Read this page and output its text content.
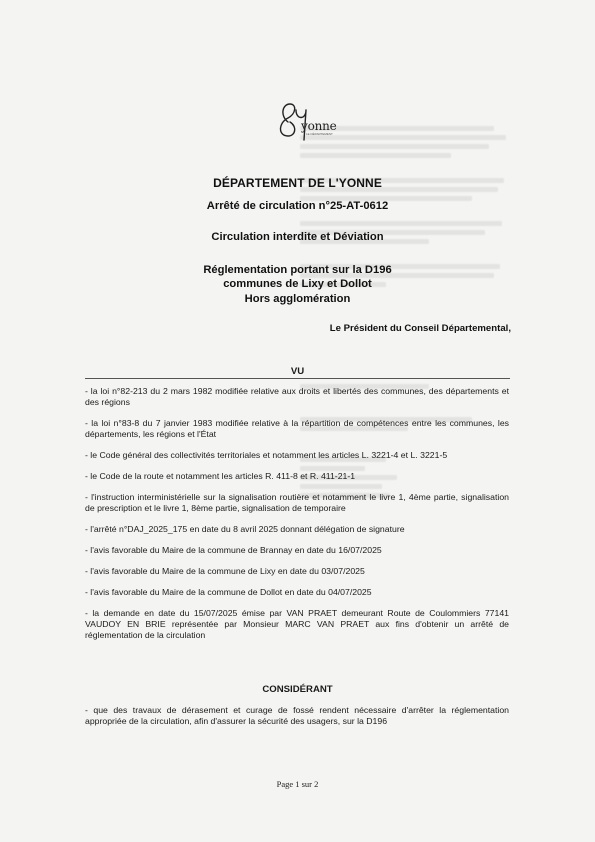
yonne
LE DÉPARTEMENT
DÉPARTEMENT DE L'YONNE
Arrêté de circulation n°25-AT-0612
Circulation interdite et Déviation
Réglementation portant sur la D196
communes de Lixy et Dollot
Hors agglomération
Le Président du Conseil Départemental,
VU
- la loi n°82-213 du 2 mars 1982 modifiée relative aux droits et libertés des communes, des départements et des régions
- la loi n°83-8 du 7 janvier 1983 modifiée relative à la répartition de compétences entre les communes, les départements, les régions et l'État
- le Code général des collectivités territoriales et notamment les articles L. 3221-4 et L. 3221-5
- le Code de la route et notamment les articles R. 411-8 et R. 411-21-1
- l'instruction interministérielle sur la signalisation routière et notamment le livre 1, 4ème partie, signalisation de prescription et le livre 1, 8ème partie, signalisation de temporaire
- l'arrêté n°DAJ_2025_175 en date du 8 avril 2025 donnant délégation de signature
- l'avis favorable du Maire de la commune de Brannay en date du 16/07/2025
- l'avis favorable du Maire de la commune de Lixy en date du 03/07/2025
- l'avis favorable du Maire de la commune de Dollot en date du 04/07/2025
- la demande en date du 15/07/2025 émise par VAN PRAET demeurant Route de Coulommiers 77141 VAUDOY EN BRIE représentée par Monsieur MARC VAN PRAET aux fins d'obtenir un arrêté de réglementation de la circulation
CONSIDÉRANT
- que des travaux de dérasement et curage de fossé rendent nécessaire d'arrêter la réglementation appropriée de la circulation, afin d'assurer la sécurité des usagers, sur la D196
Page 1 sur 2
